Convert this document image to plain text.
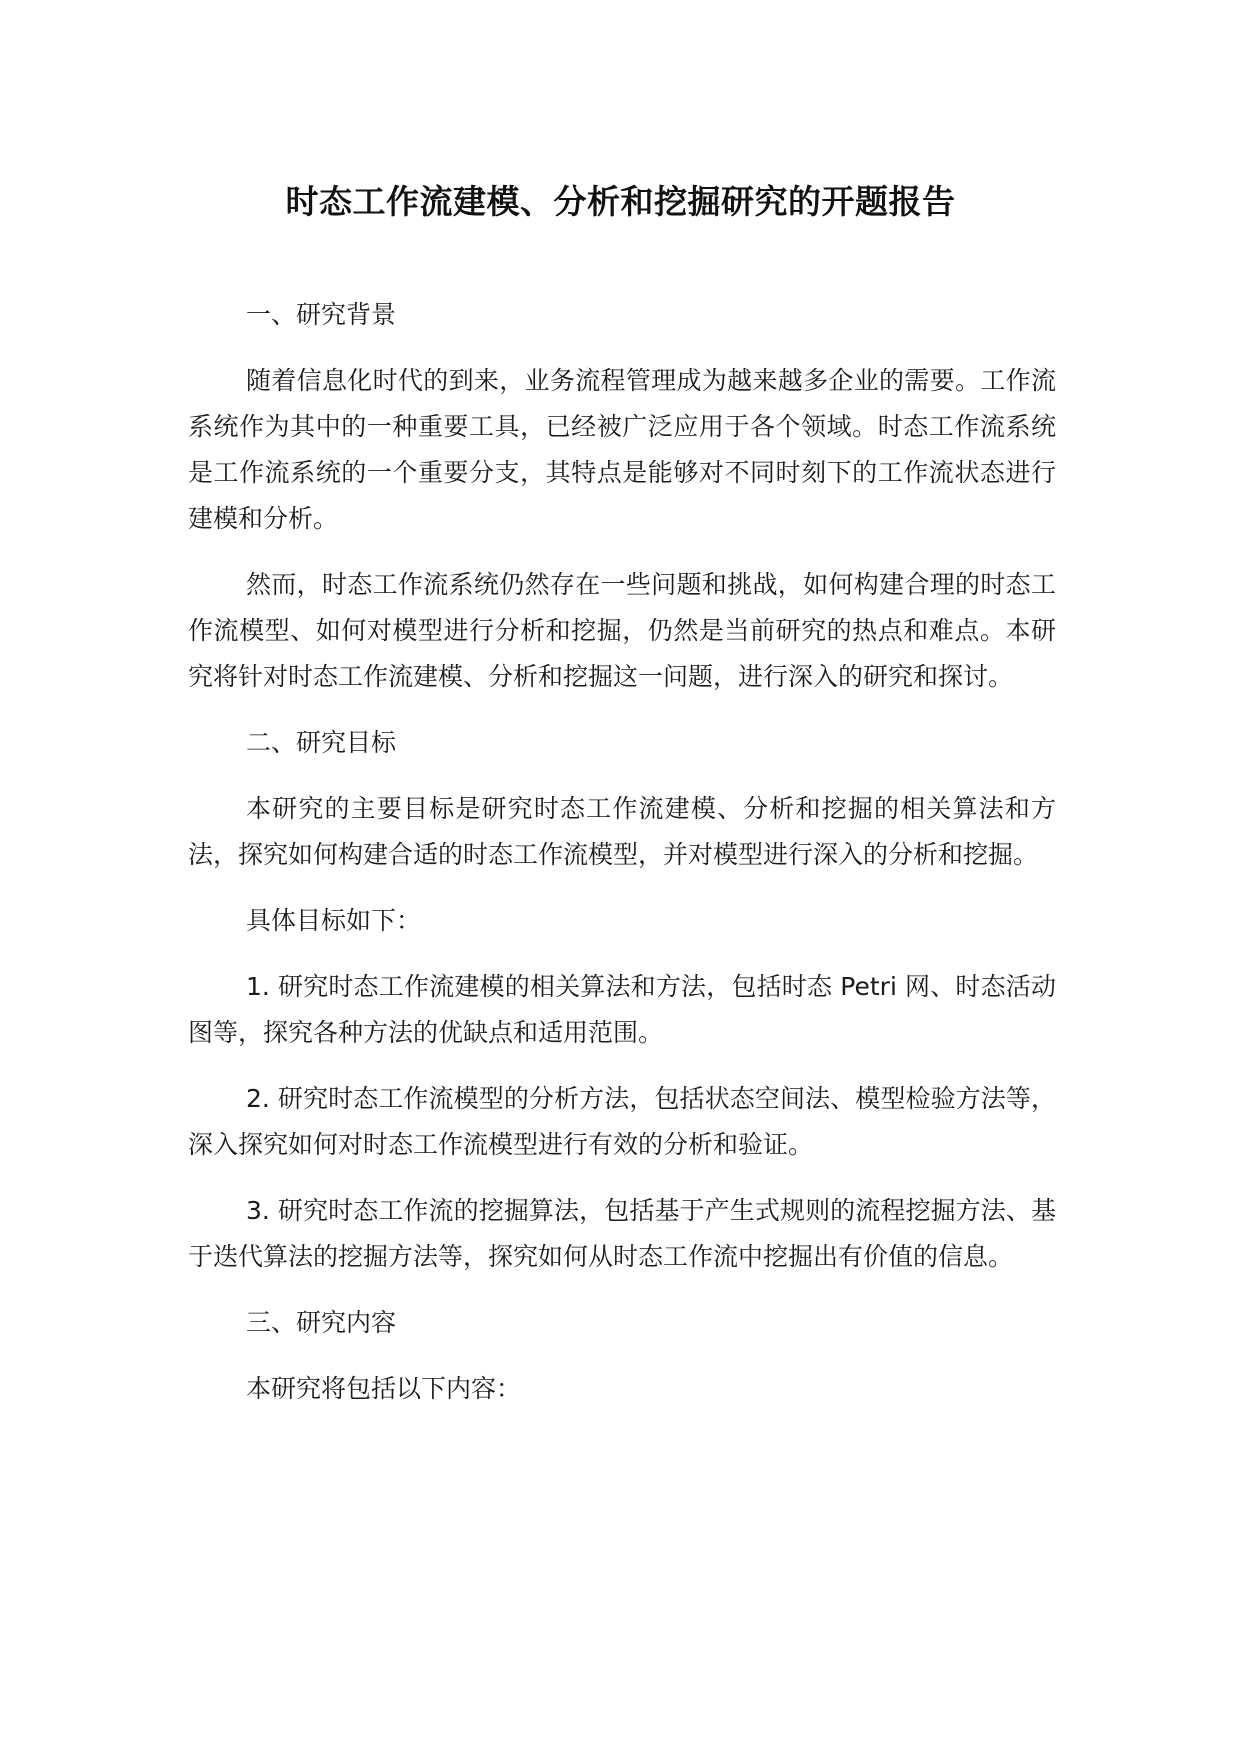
时态工作流建模、分析和挖掘研究的开题报告

一、研究背景

随着信息化时代的到来，业务流程管理成为越来越多企业的需要。工作流系统作为其中的一种重要工具，已经被广泛应用于各个领域。时态工作流系统是工作流系统的一个重要分支，其特点是能够对不同时刻下的工作流状态进行建模和分析。

然而，时态工作流系统仍然存在一些问题和挑战，如何构建合理的时态工作流模型、如何对模型进行分析和挖掘，仍然是当前研究的热点和难点。本研究将针对时态工作流建模、分析和挖掘这一问题，进行深入的研究和探讨。

二、研究目标

本研究的主要目标是研究时态工作流建模、分析和挖掘的相关算法和方法，探究如何构建合适的时态工作流模型，并对模型进行深入的分析和挖掘。

具体目标如下：

1. 研究时态工作流建模的相关算法和方法，包括时态 Petri 网、时态活动图等，探究各种方法的优缺点和适用范围。

2. 研究时态工作流模型的分析方法，包括状态空间法、模型检验方法等，深入探究如何对时态工作流模型进行有效的分析和验证。

3. 研究时态工作流的挖掘算法，包括基于产生式规则的流程挖掘方法、基于迭代算法的挖掘方法等，探究如何从时态工作流中挖掘出有价值的信息。

三、研究内容

本研究将包括以下内容：
